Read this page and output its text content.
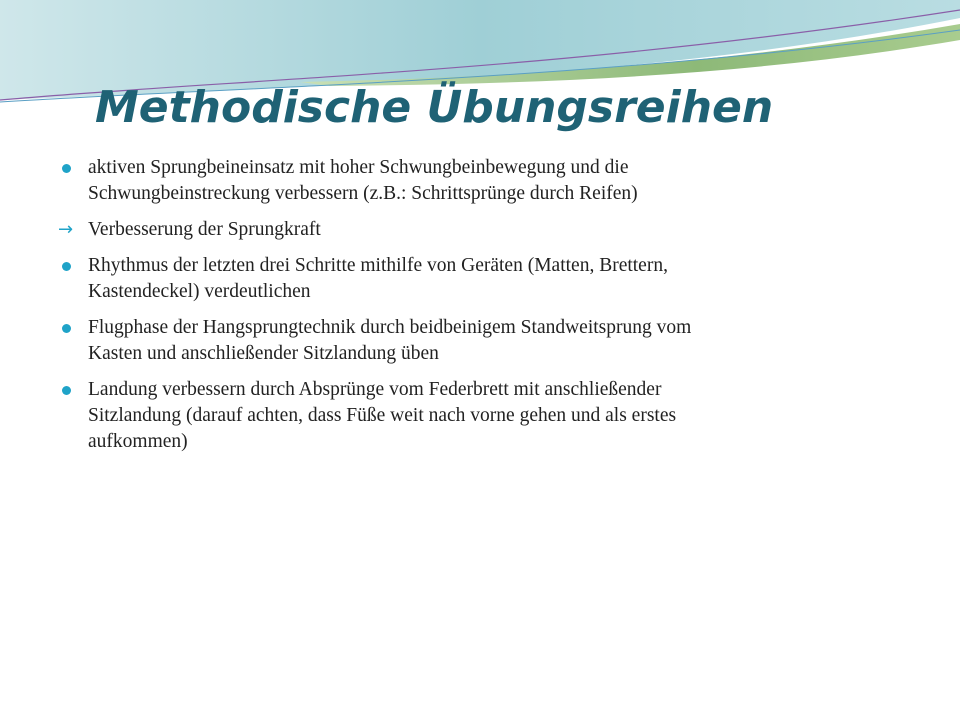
Methodische Übungsreihen
aktiven Sprungbeineinsatz mit hoher Schwungbeinbewegung und die
Schwungbeinstreckung verbessern (z.B.: Schrittsprünge durch Reifen)
→ Verbesserung der Sprungkraft
Rhythmus der letzten drei Schritte mithilfe von Geräten (Matten, Brettern,
Kastendeckel) verdeutlichen
Flugphase der Hangsprungtechnik durch beidbeinigem Standweitsprung vom
Kasten und anschließender Sitzlandung üben
Landung verbessern durch Absprünge vom Federbrett mit anschließender
Sitzlandung (darauf achten, dass Füße weit nach vorne gehen und als erstes
aufkommen)
